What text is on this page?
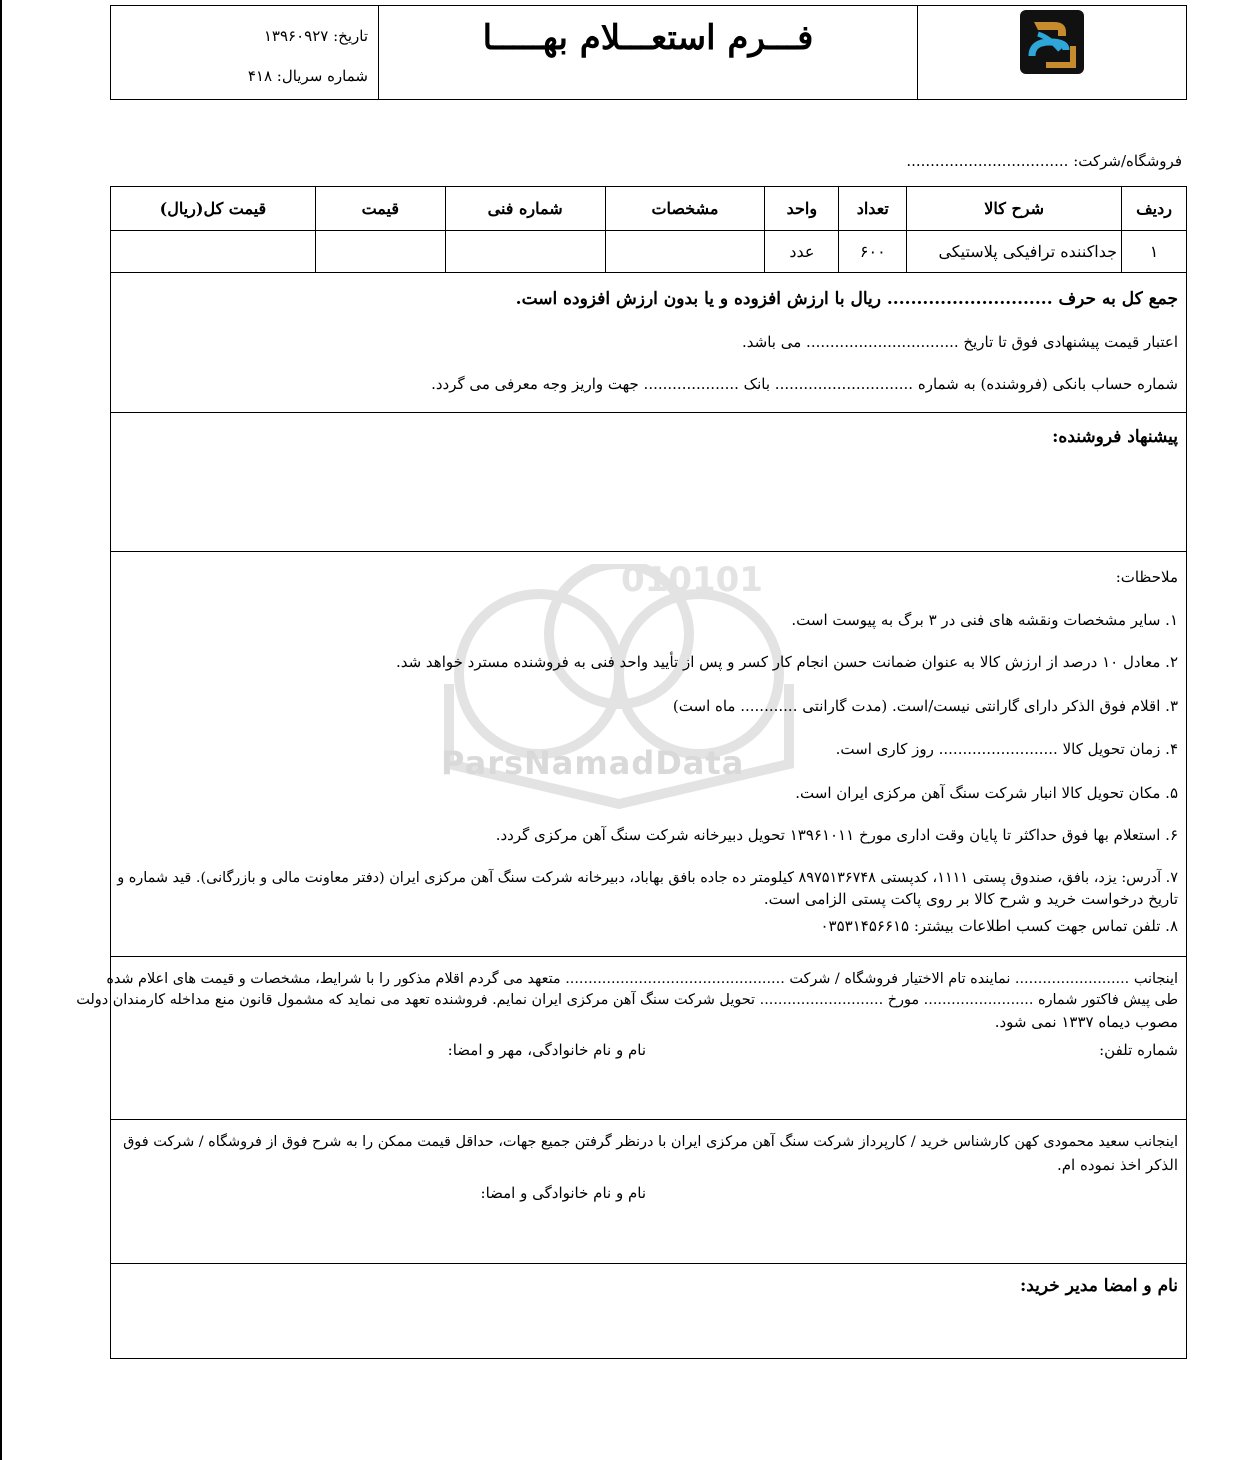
فـــرم استعـــلام بهـــــا
تاریخ: ۱۳۹۶۰۹۲۷
شماره سریال: ۴۱۸
فروشگاه/شرکت: ..................................
ردیف	شرح کالا	تعداد	واحد	مشخصات	شماره فنی	قیمت	قیمت کل(ریال)
۱	جداکننده ترافیکی پلاستیکی	۶۰۰	عدد				
جمع کل به حرف ............................ ریال با ارزش افزوده و یا بدون ارزش افزوده است.
اعتبار قیمت پیشنهادی فوق تا تاریخ ................................ می باشد.
شماره حساب بانکی (فروشنده) به شماره ............................. بانک .................... جهت واریز وجه معرفی می گردد.
پیشنهاد فروشنده:
010101
ParsNamadData
ملاحظات:
۱. سایر مشخصات ونقشه های فنی در ۳ برگ به پیوست است.
۲. معادل ۱۰ درصد از ارزش کالا به عنوان ضمانت حسن انجام کار کسر و پس از تأیید واحد فنی به فروشنده مسترد خواهد شد.
۳. اقلام فوق الذکر دارای گارانتی نیست/است. (مدت گارانتی ............ ماه است)
۴. زمان تحویل کالا ......................... روز کاری است.
۵. مکان تحویل کالا انبار شرکت سنگ آهن مرکزی ایران است.
۶. استعلام بها فوق حداکثر تا پایان وقت اداری مورخ ۱۳۹۶۱۰۱۱ تحویل دبیرخانه شرکت سنگ آهن مرکزی گردد.
۷. آدرس: یزد، بافق، صندوق پستی ۱۱۱۱، کدپستی ۸۹۷۵۱۳۶۷۴۸ کیلومتر ده جاده بافق بهاباد، دبیرخانه شرکت سنگ آهن مرکزی ایران (دفتر معاونت مالی و بازرگانی). قید شماره و
تاریخ درخواست خرید و شرح کالا بر روی پاکت پستی الزامی است.
۸. تلفن تماس جهت کسب اطلاعات بیشتر: ۰۳۵۳۱۴۵۶۶۱۵
اینجانب ......................... نماینده تام الاختیار فروشگاه / شرکت ................................................ متعهد می گردم اقلام مذکور را با شرایط، مشخصات و قیمت های اعلام شده
طی پیش فاکتور شماره ........................ مورخ ........................... تحویل شرکت سنگ آهن مرکزی ایران نمایم. فروشنده تعهد می نماید که مشمول قانون منع مداخله کارمندان دولت
مصوب دیماه ۱۳۳۷ نمی شود.
شماره تلفن:
نام و نام خانوادگی، مهر و امضا:
اینجانب سعید محمودی کهن کارشناس خرید / کارپرداز شرکت سنگ آهن مرکزی ایران با درنظر گرفتن جمیع جهات، حداقل قیمت ممکن را به شرح فوق از فروشگاه / شرکت فوق
الذکر اخذ نموده ام.
نام و نام خانوادگی و امضا:
نام و امضا مدیر خرید:
